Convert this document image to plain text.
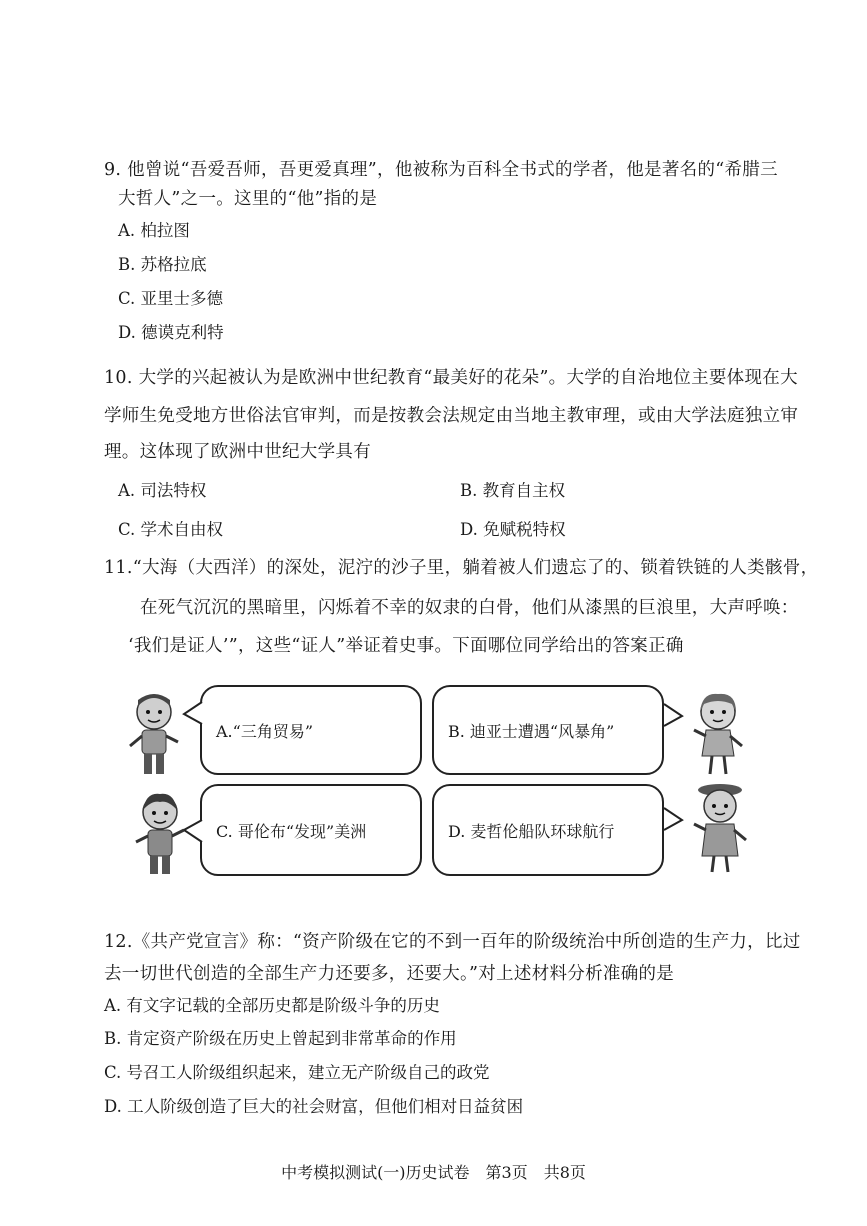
9. 他曾说“吾爱吾师，吾更爱真理”，他被称为百科全书式的学者，他是著名的“希腊三
大哲人”之一。这里的“他”指的是
A. 柏拉图
B. 苏格拉底
C. 亚里士多德
D. 德谟克利特
10. 大学的兴起被认为是欧洲中世纪教育“最美好的花朵”。大学的自治地位主要体现在大
学师生免受地方世俗法官审判，而是按教会法规定由当地主教审理，或由大学法庭独立审
理。这体现了欧洲中世纪大学具有
A. 司法特权	B. 教育自主权
C. 学术自由权	D. 免赋税特权
11.“大海（大西洋）的深处，泥泞的沙子里，躺着被人们遗忘了的、锁着铁链的人类骸骨，
在死气沉沉的黑暗里，闪烁着不幸的奴隶的白骨，他们从漆黑的巨浪里，大声呼唤：
‘我们是证人’”，这些“证人”举证着史事。下面哪位同学给出的答案正确
A.“三角贸易”	B. 迪亚士遭遇“风暴角”
C. 哥伦布“发现”美洲	D. 麦哲伦船队环球航行
12.《共产党宣言》称：“资产阶级在它的不到一百年的阶级统治中所创造的生产力，比过
去一切世代创造的全部生产力还要多，还要大。”对上述材料分析准确的是
A. 有文字记载的全部历史都是阶级斗争的历史
B. 肯定资产阶级在历史上曾起到非常革命的作用
C. 号召工人阶级组织起来，建立无产阶级自己的政党
D. 工人阶级创造了巨大的社会财富，但他们相对日益贫困
中考模拟测试(一)历史试卷　第3页　共8页
